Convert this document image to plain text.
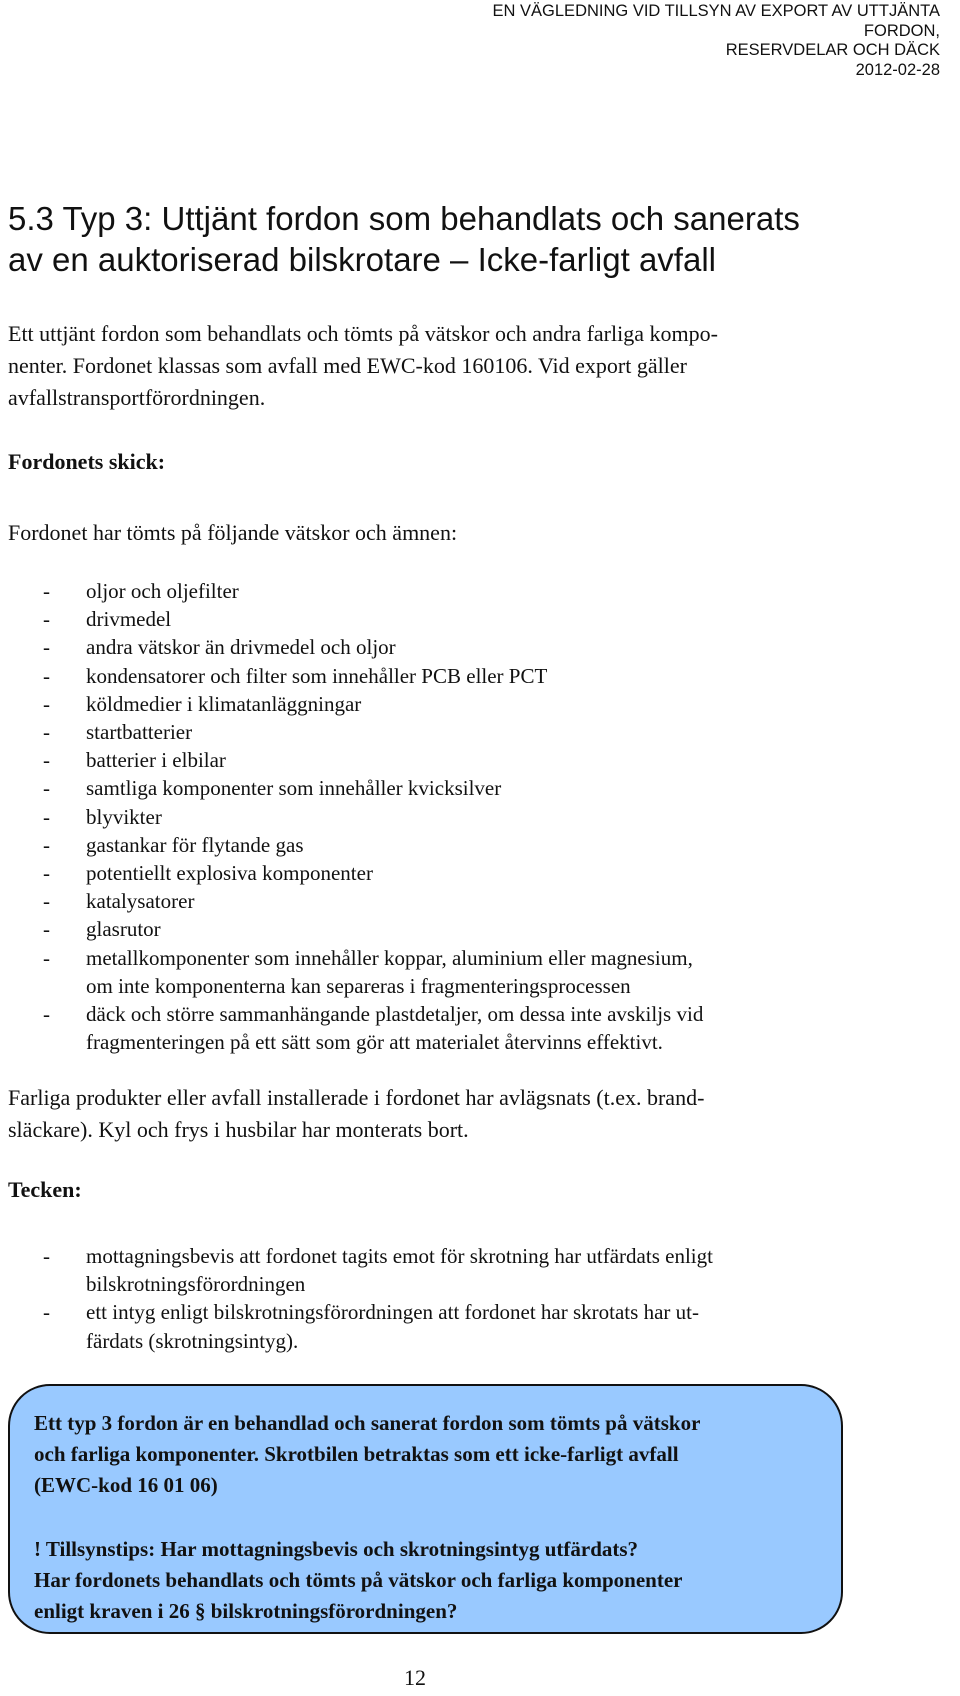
EN VÄGLEDNING VID TILLSYN AV EXPORT AV UTTJÄNTA FORDON,
RESERVDELAR OCH DÄCK
2012-02-28
5.3 Typ 3: Uttjänt fordon som behandlats och sanerats
av en auktoriserad bilskrotare – Icke-farligt avfall

Ett uttjänt fordon som behandlats och tömts på vätskor och andra farliga kompo-
nenter. Fordonet klassas som avfall med EWC-kod 160106. Vid export gäller
avfallstransportförordningen.

Fordonets skick:

Fordonet har tömts på följande vätskor och ämnen:

- oljor och oljefilter
- drivmedel
- andra vätskor än drivmedel och oljor
- kondensatorer och filter som innehåller PCB eller PCT
- köldmedier i klimatanläggningar
- startbatterier
- batterier i elbilar
- samtliga komponenter som innehåller kvicksilver
- blyvikter
- gastankar för flytande gas
- potentiellt explosiva komponenter
- katalysatorer
- glasrutor
- metallkomponenter som innehåller koppar, aluminium eller magnesium,
om inte komponenterna kan separeras i fragmenteringsprocessen
- däck och större sammanhängande plastdetaljer, om dessa inte avskiljs vid
fragmenteringen på ett sätt som gör att materialet återvinns effektivt.

Farliga produkter eller avfall installerade i fordonet har avlägsnats (t.ex. brand-
släckare). Kyl och frys i husbilar har monterats bort.

Tecken:
- mottagningsbevis att fordonet tagits emot för skrotning har utfärdats enligt
bilskrotningsförordningen
- ett intyg enligt bilskrotningsförordningen att fordonet har skrotats har ut-
färdats (skrotningsintyg).

Ett typ 3 fordon är en behandlad och sanerat fordon som tömts på vätskor
och farliga komponenter. Skrotbilen betraktas som ett icke-farligt avfall
(EWC-kod 16 01 06)

! Tillsynstips: Har mottagningsbevis och skrotningsintyg utfärdats?
Har fordonets behandlats och tömts på vätskor och farliga komponenter
enligt kraven i 26 § bilskrotningsförordningen?

12
